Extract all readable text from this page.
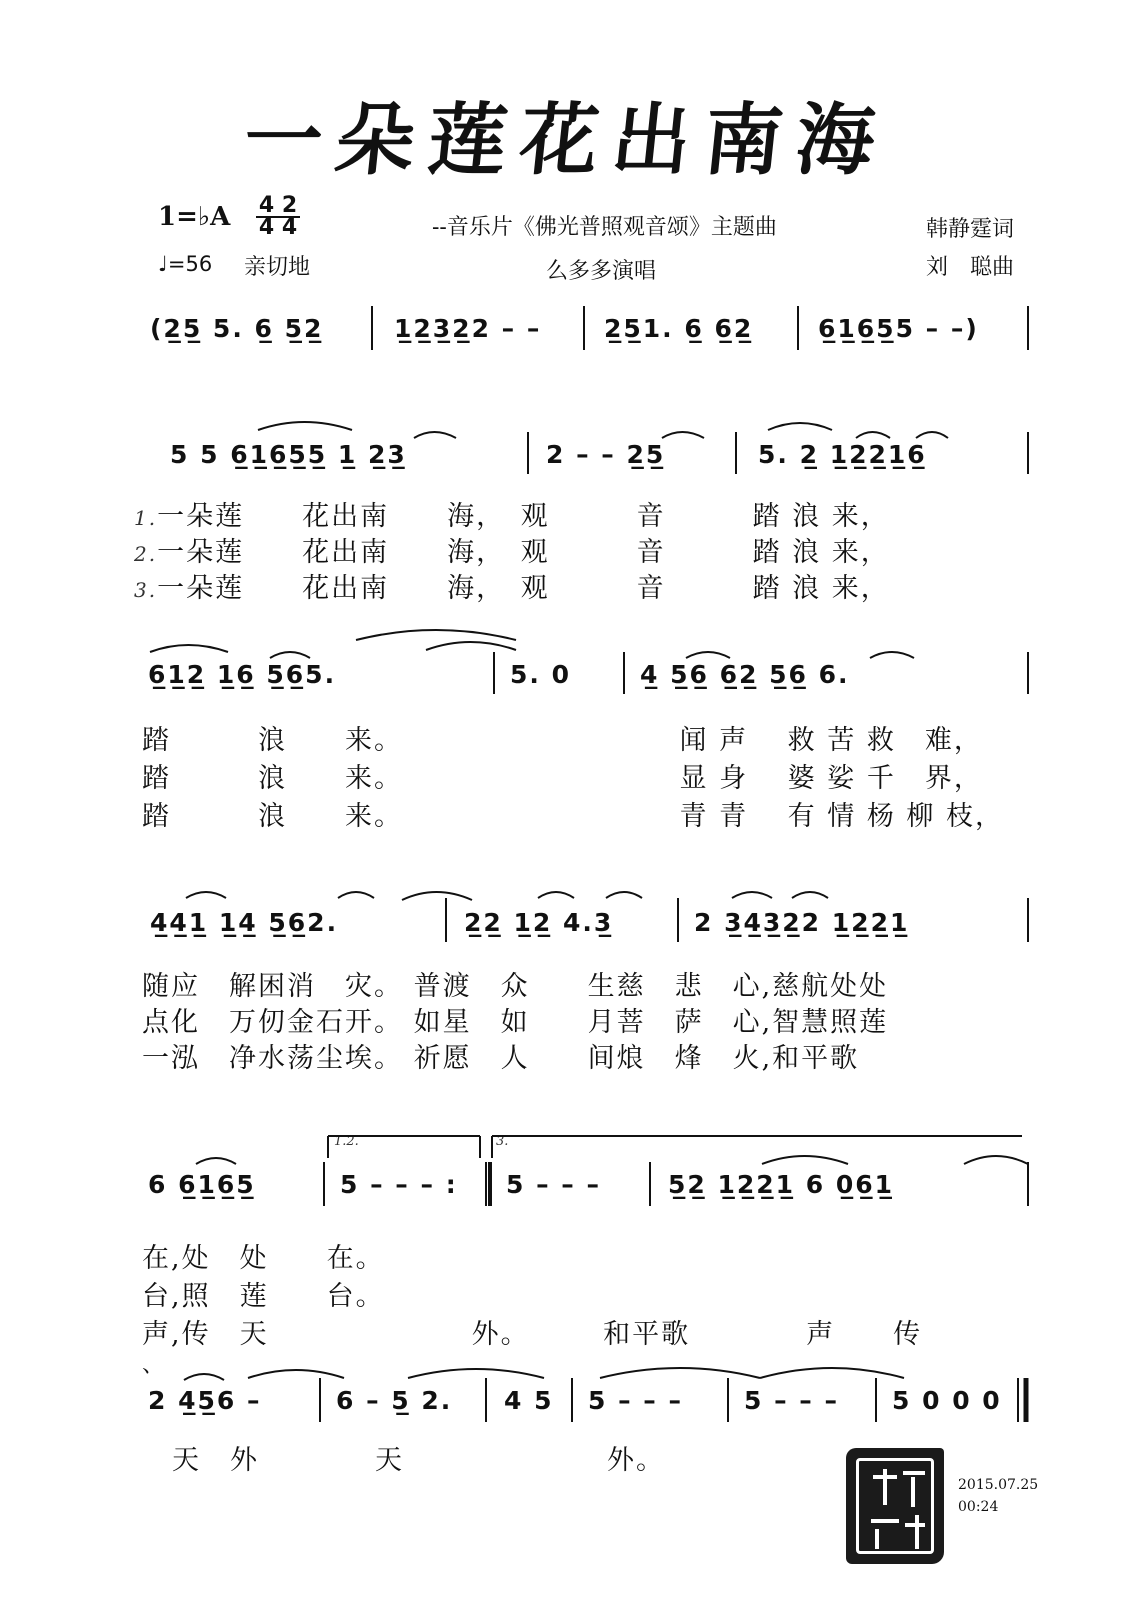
一朵莲花出南海
1=♭A 4 2
4 4	--音乐片《佛光普照观音颂》主题曲	韩静霆词
♩=56 亲切地	么多多演唱	刘　聪曲
(2̲5̲ 5. 6̲ 5̲2̲	1̲2̲3̲2̲2 – –	2̲5̲1. 6̲ 6̲2̲	6̲1̲6̲5̲5 – –)
5 5 6̲1̲6̲5̲5̲ 1̲ 2̲3̲	2 – – 2̲5̲	5. 2̲ 1̲2̲2̲1̲6̲
1.一朵莲　　花出南　　海，　观　　　音　　　踏 浪 来，
2.一朵莲　　花出南　　海，　观　　　音　　　踏 浪 来，
3.一朵莲　　花出南　　海，　观　　　音　　　踏 浪 来，
6̲1̲2̲ 1̲6̲ 5̲6̲5.	5. 0	4̲ 5̲6̲ 6̲2̲ 5̲6̲ 6.
踏　　　浪　　来。　　　　　　　　　　闻 声　 救 苦 救　难，
踏　　　浪　　来。　　　　　　　　　　显 身　 婆 娑 千　界，
踏　　　浪　　来。　　　　　　　　　　青 青　 有 情 杨 柳 枝，
4̲4̲1̲ 1̲4̲ 5̲6̲2.	2̲2̲ 1̲2̲ 4.3̲	2 3̲4̲3̲2̲2 1̲2̲2̲1̲
随应　解困消　灾。 普渡　众　　生慈　悲　心,慈航处处
点化　万仞金石开。 如星　如　　月菩　萨　心,智慧照莲
一泓　净水荡尘埃。 祈愿　人　　间烺　烽　火,和平歌
1.2.	3.
6 6̲1̲6̲5̲	5 – – – : 5 – – –	5̲2̲ 1̲2̲2̲1̲ 6 0̲6̲1̲
在,处　处　　在。
台,照　莲　　台。
声,传　天　　　　　　　外。　　　和平歌　　　　声　　传
、
2 4̲5̲6 –	6 – 5̲ 2. 4 5 5 – – – 5 – – – 5 0 0 0
天　外　　　　天　　　　　　　外。
2015.07.25
00:24
